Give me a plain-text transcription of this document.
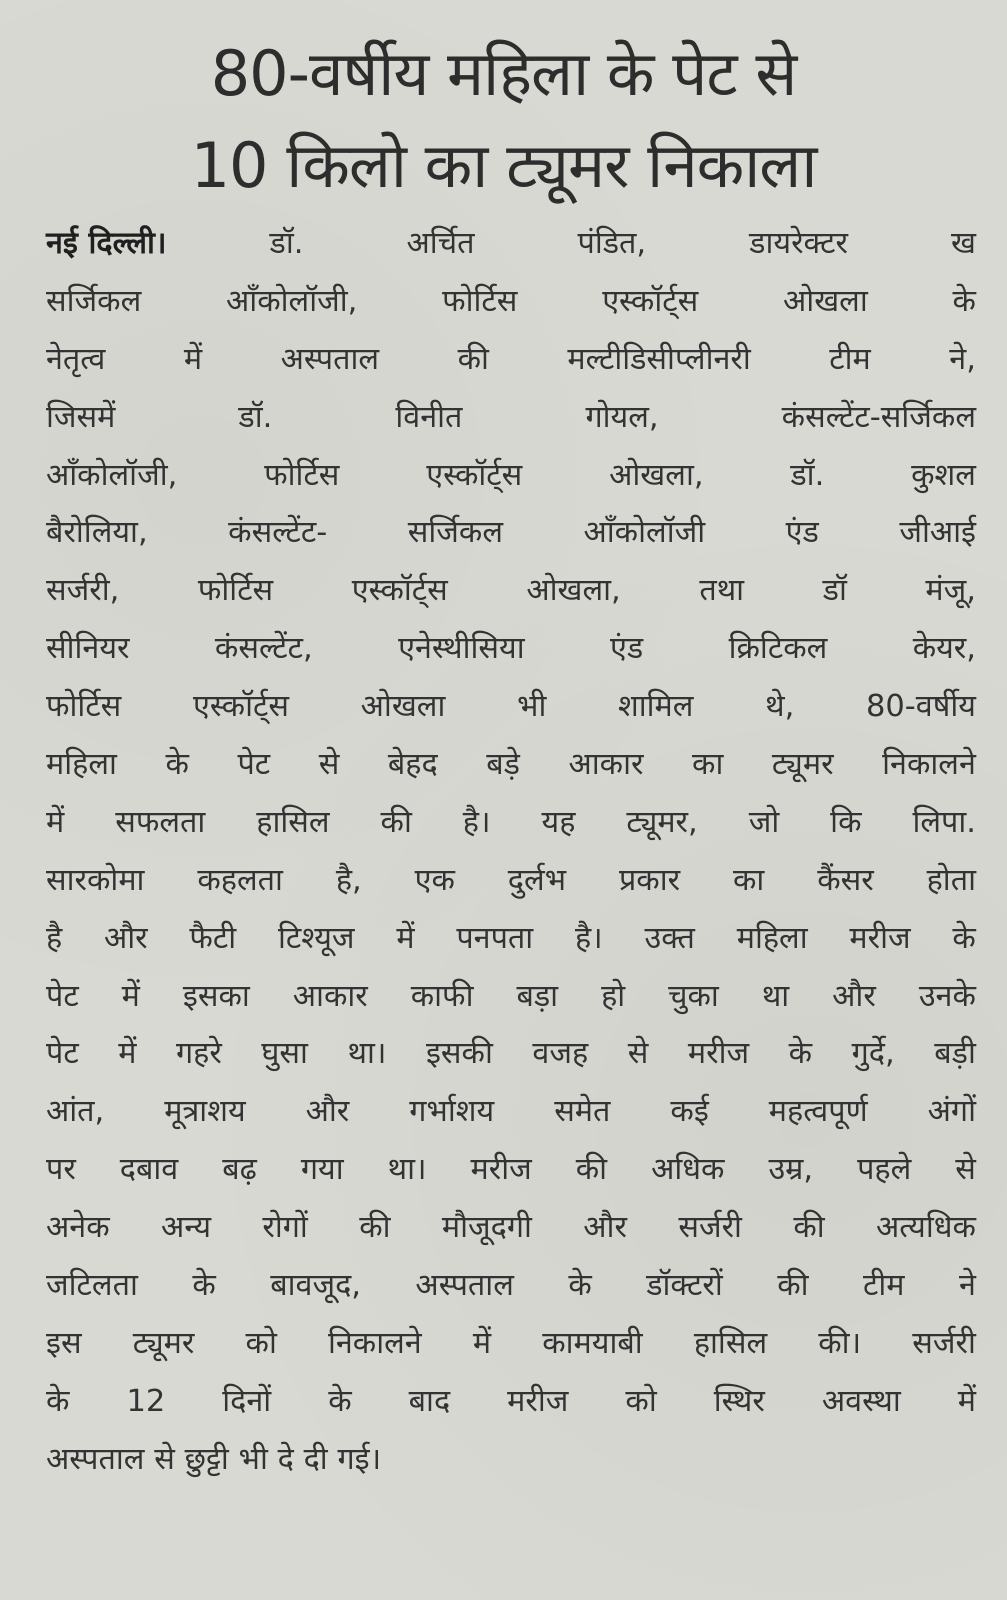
80-वर्षीय महिला के पेट से
10 किलो का ट्यूमर निकाला
नई दिल्ली।	डॉ.	अर्चित	पंडित,	डायरेक्टर	ख
सर्जिकल	ऑंकोलॉजी,	फोर्टिस	एस्कॉर्ट्स	ओखला	के
नेतृत्व	में	अस्पताल	की	मल्टीडिसीप्लीनरी	टीम	ने,
जिसमें	डॉ.	विनीत	गोयल,	कंसल्टेंट-सर्जिकल
ऑंकोलॉजी,	फोर्टिस	एस्कॉर्ट्स	ओखला,	डॉ.	कुशल
बैरोलिया,	कंसल्टेंट-	सर्जिकल	ऑंकोलॉजी	एंड	जीआई
सर्जरी,	फोर्टिस	एस्कॉर्ट्स	ओखला,	तथा	डॉ	मंजू,
सीनियर	कंसल्टेंट,	एनेस्थीसिया	एंड	क्रिटिकल	केयर,
फोर्टिस एस्कॉर्ट्स ओखला भी शामिल थे, 80-वर्षीय
महिला के पेट से बेहद बड़े आकार का ट्यूमर निकालने
में सफलता हासिल की है। यह ट्यूमर, जो कि लिपा.
सारकोमा कहलता है, एक दुर्लभ प्रकार का कैंसर होता
है और फैटी टिश्यूज में पनपता है। उक्त महिला मरीज के
पेट में इसका आकार काफी बड़ा हो चुका था और उनके
पेट में गहरे घुसा था। इसकी वजह से मरीज के गुर्दे, बड़ी
आंत, मूत्राशय और गर्भाशय समेत कई महत्वपूर्ण अंगों
पर दबाव बढ़ गया था। मरीज की अधिक उम्र, पहले से
अनेक अन्य रोगों की मौजूदगी और सर्जरी की अत्यधिक
जटिलता के बावजूद, अस्पताल के डॉक्टरों की टीम ने
इस ट्यूमर को निकालने में कामयाबी हासिल की। सर्जरी
के 12 दिनों के बाद मरीज को स्थिर अवस्था में
अस्पताल से छुट्टी भी दे दी गई।
